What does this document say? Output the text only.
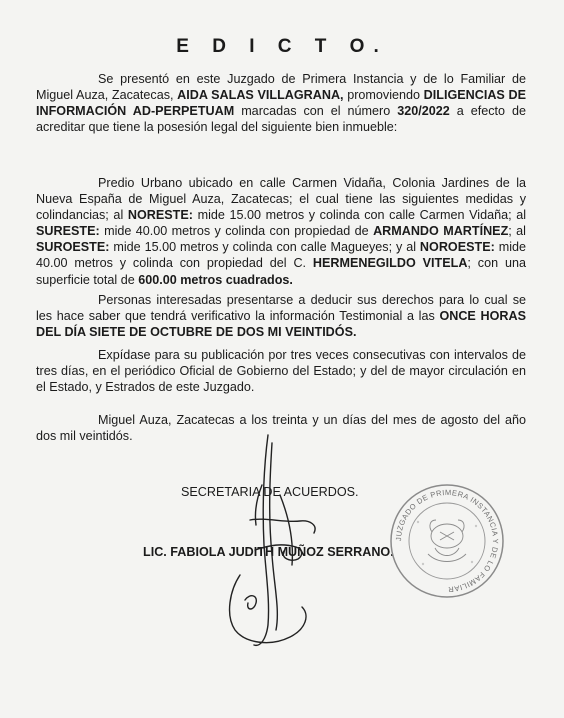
E D I C T O.

Se presentó en este Juzgado de Primera Instancia y de lo Familiar de Miguel Auza, Zacatecas, AIDA SALAS VILLAGRANA, promoviendo DILIGENCIAS DE INFORMACIÓN AD-PERPETUAM marcadas con el número 320/2022 a efecto de acreditar que tiene la posesión legal del siguiente bien inmueble:

Predio Urbano ubicado en calle Carmen Vidaña, Colonia Jardines de la Nueva España de Miguel Auza, Zacatecas; el cual tiene las siguientes medidas y colindancias; al NORESTE: mide 15.00 metros y colinda con calle Carmen Vidaña; al SURESTE: mide 40.00 metros y colinda con propiedad de ARMANDO MARTÍNEZ; al SUROESTE: mide 15.00 metros y colinda con calle Magueyes; y al NOROESTE: mide 40.00 metros y colinda con propiedad del C. HERMENEGILDO VITELA; con una superficie total de 600.00 metros cuadrados.

Personas interesadas presentarse a deducir sus derechos para lo cual se les hace saber que tendrá verificativo la información Testimonial a las ONCE HORAS DEL DÍA SIETE DE OCTUBRE DE DOS MI VEINTIDÓS.

Expídase para su publicación por tres veces consecutivas con intervalos de tres días, en el periódico Oficial de Gobierno del Estado; y del de mayor circulación en el Estado, y Estrados de este Juzgado.

Miguel Auza, Zacatecas a los treinta y un días del mes de agosto del año dos mil veintidós.

SECRETARIA DE ACUERDOS.
LIC. FABIOLA JUDITH MUÑOZ SERRANO.
JUZGADO DE PRIMERA INSTANCIA Y DE LO FAMILIAR
